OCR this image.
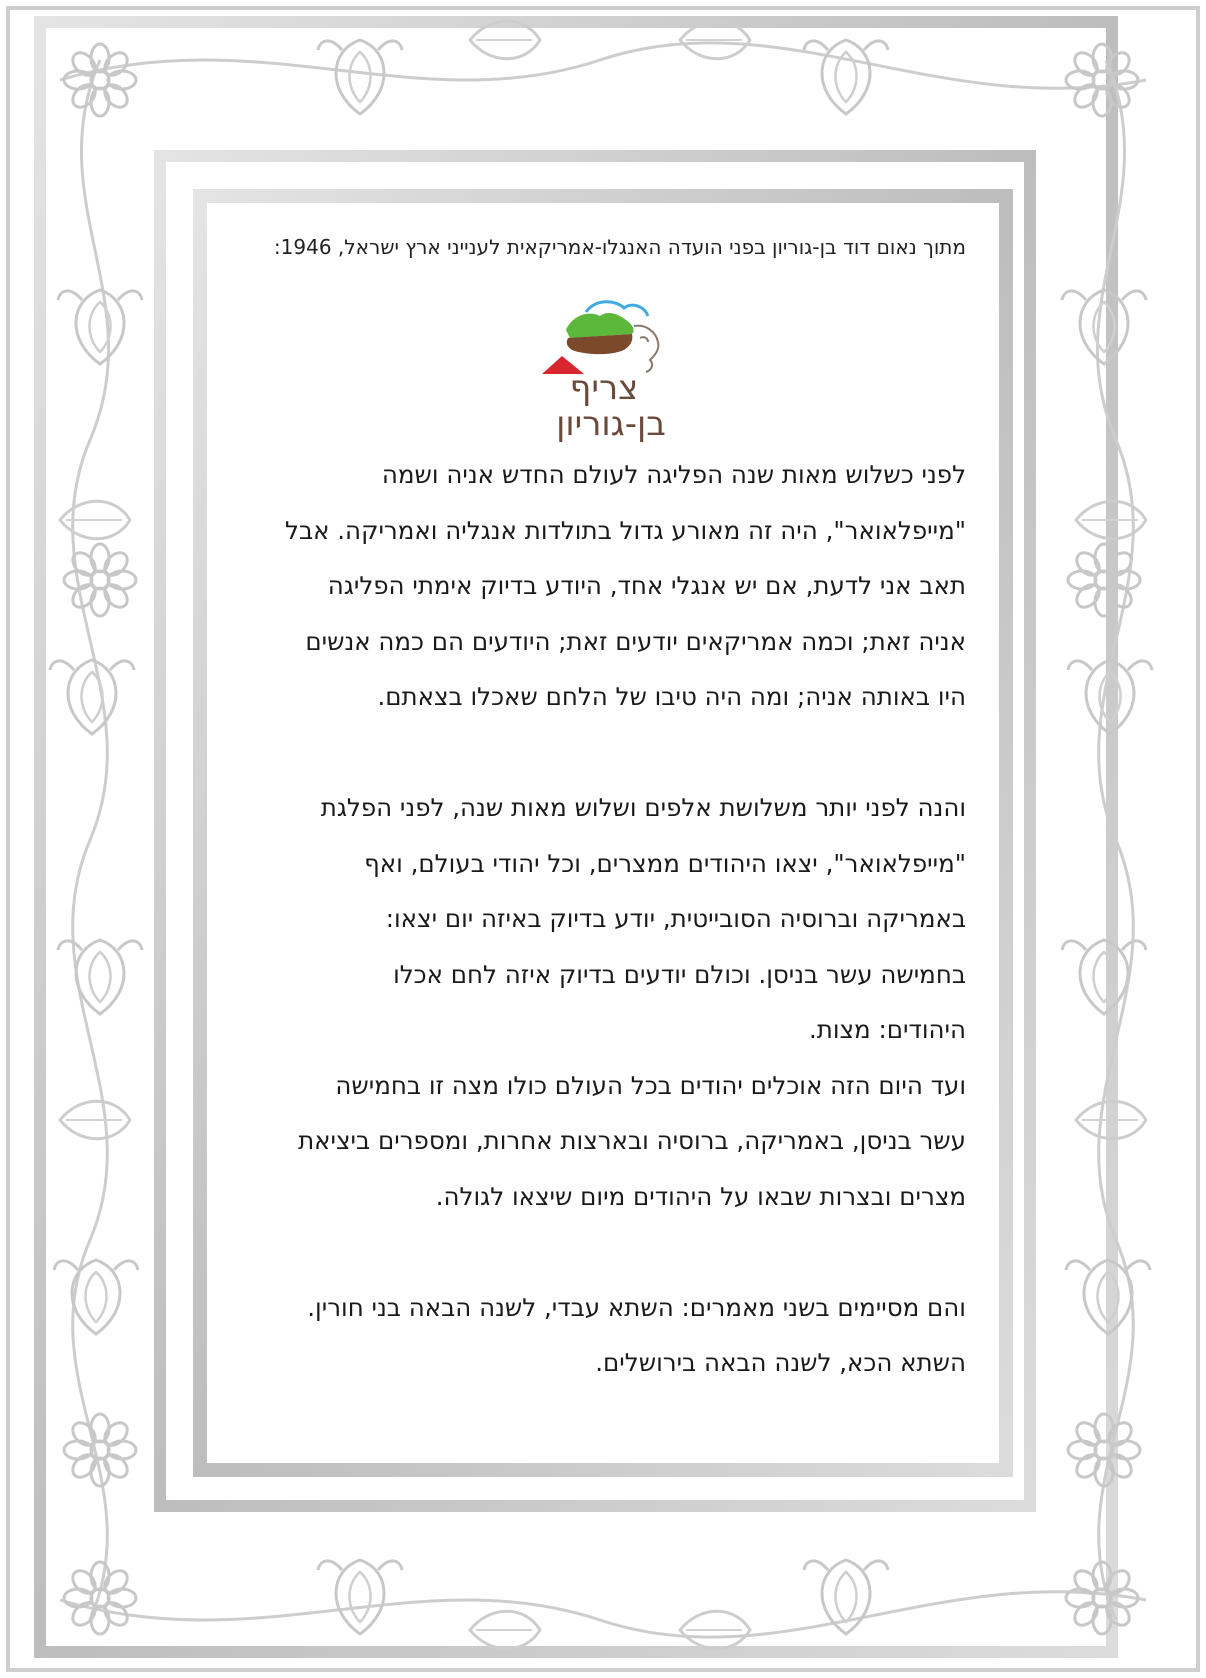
מתוך נאום דוד בן-גוריון בפני הועדה האנגלו-אמריקאית לענייני ארץ ישראל, 1946:

צריף
בן-גוריון
לפני כשלוש מאות שנה הפליגה לעולם החדש אניה ושמה
"מייפלאואר", היה זה מאורע גדול בתולדות אנגליה ואמריקה. אבל
תאב אני לדעת, אם יש אנגלי אחד, היודע בדיוק אימתי הפליגה
אניה זאת; וכמה אמריקאים יודעים זאת; היודעים הם כמה אנשים
היו באותה אניה; ומה היה טיבו של הלחם שאכלו בצאתם.
והנה לפני יותר משלושת אלפים ושלוש מאות שנה, לפני הפלגת
"מייפלאואר", יצאו היהודים ממצרים, וכל יהודי בעולם, ואף
באמריקה וברוסיה הסובייטית, יודע בדיוק באיזה יום יצאו:
בחמישה עשר בניסן. וכולם יודעים בדיוק איזה לחם אכלו
היהודים: מצות.
ועד היום הזה אוכלים יהודים בכל העולם כולו מצה זו בחמישה
עשר בניסן, באמריקה, ברוסיה ובארצות אחרות, ומספרים ביציאת
מצרים ובצרות שבאו על היהודים מיום שיצאו לגולה.
והם מסיימים בשני מאמרים: השתא עבדי, לשנה הבאה בני חורין.
השתא הכא, לשנה הבאה בירושלים.
